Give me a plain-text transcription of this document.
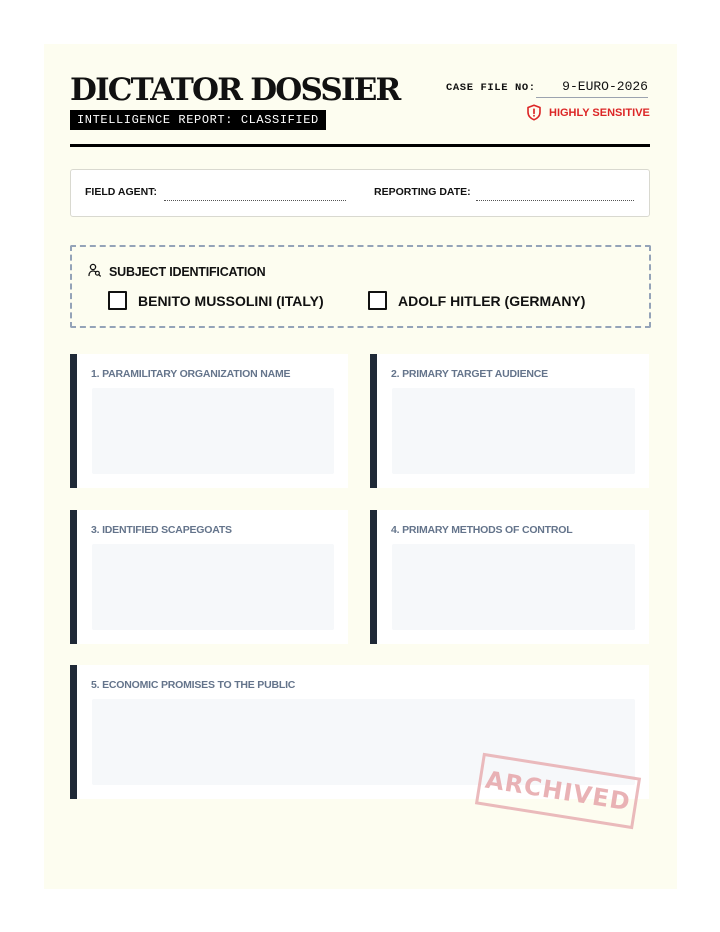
DICTATOR DOSSIER
INTELLIGENCE REPORT: CLASSIFIED
CASE FILE NO:	9-EURO-2026
HIGHLY SENSITIVE
FIELD AGENT:	REPORTING DATE:
SUBJECT IDENTIFICATION
BENITO MUSSOLINI (ITALY)	ADOLF HITLER (GERMANY)
1. PARAMILITARY ORGANIZATION NAME	2. PRIMARY TARGET AUDIENCE
3. IDENTIFIED SCAPEGOATS	4. PRIMARY METHODS OF CONTROL
5. ECONOMIC PROMISES TO THE PUBLIC
ARCHIVED
